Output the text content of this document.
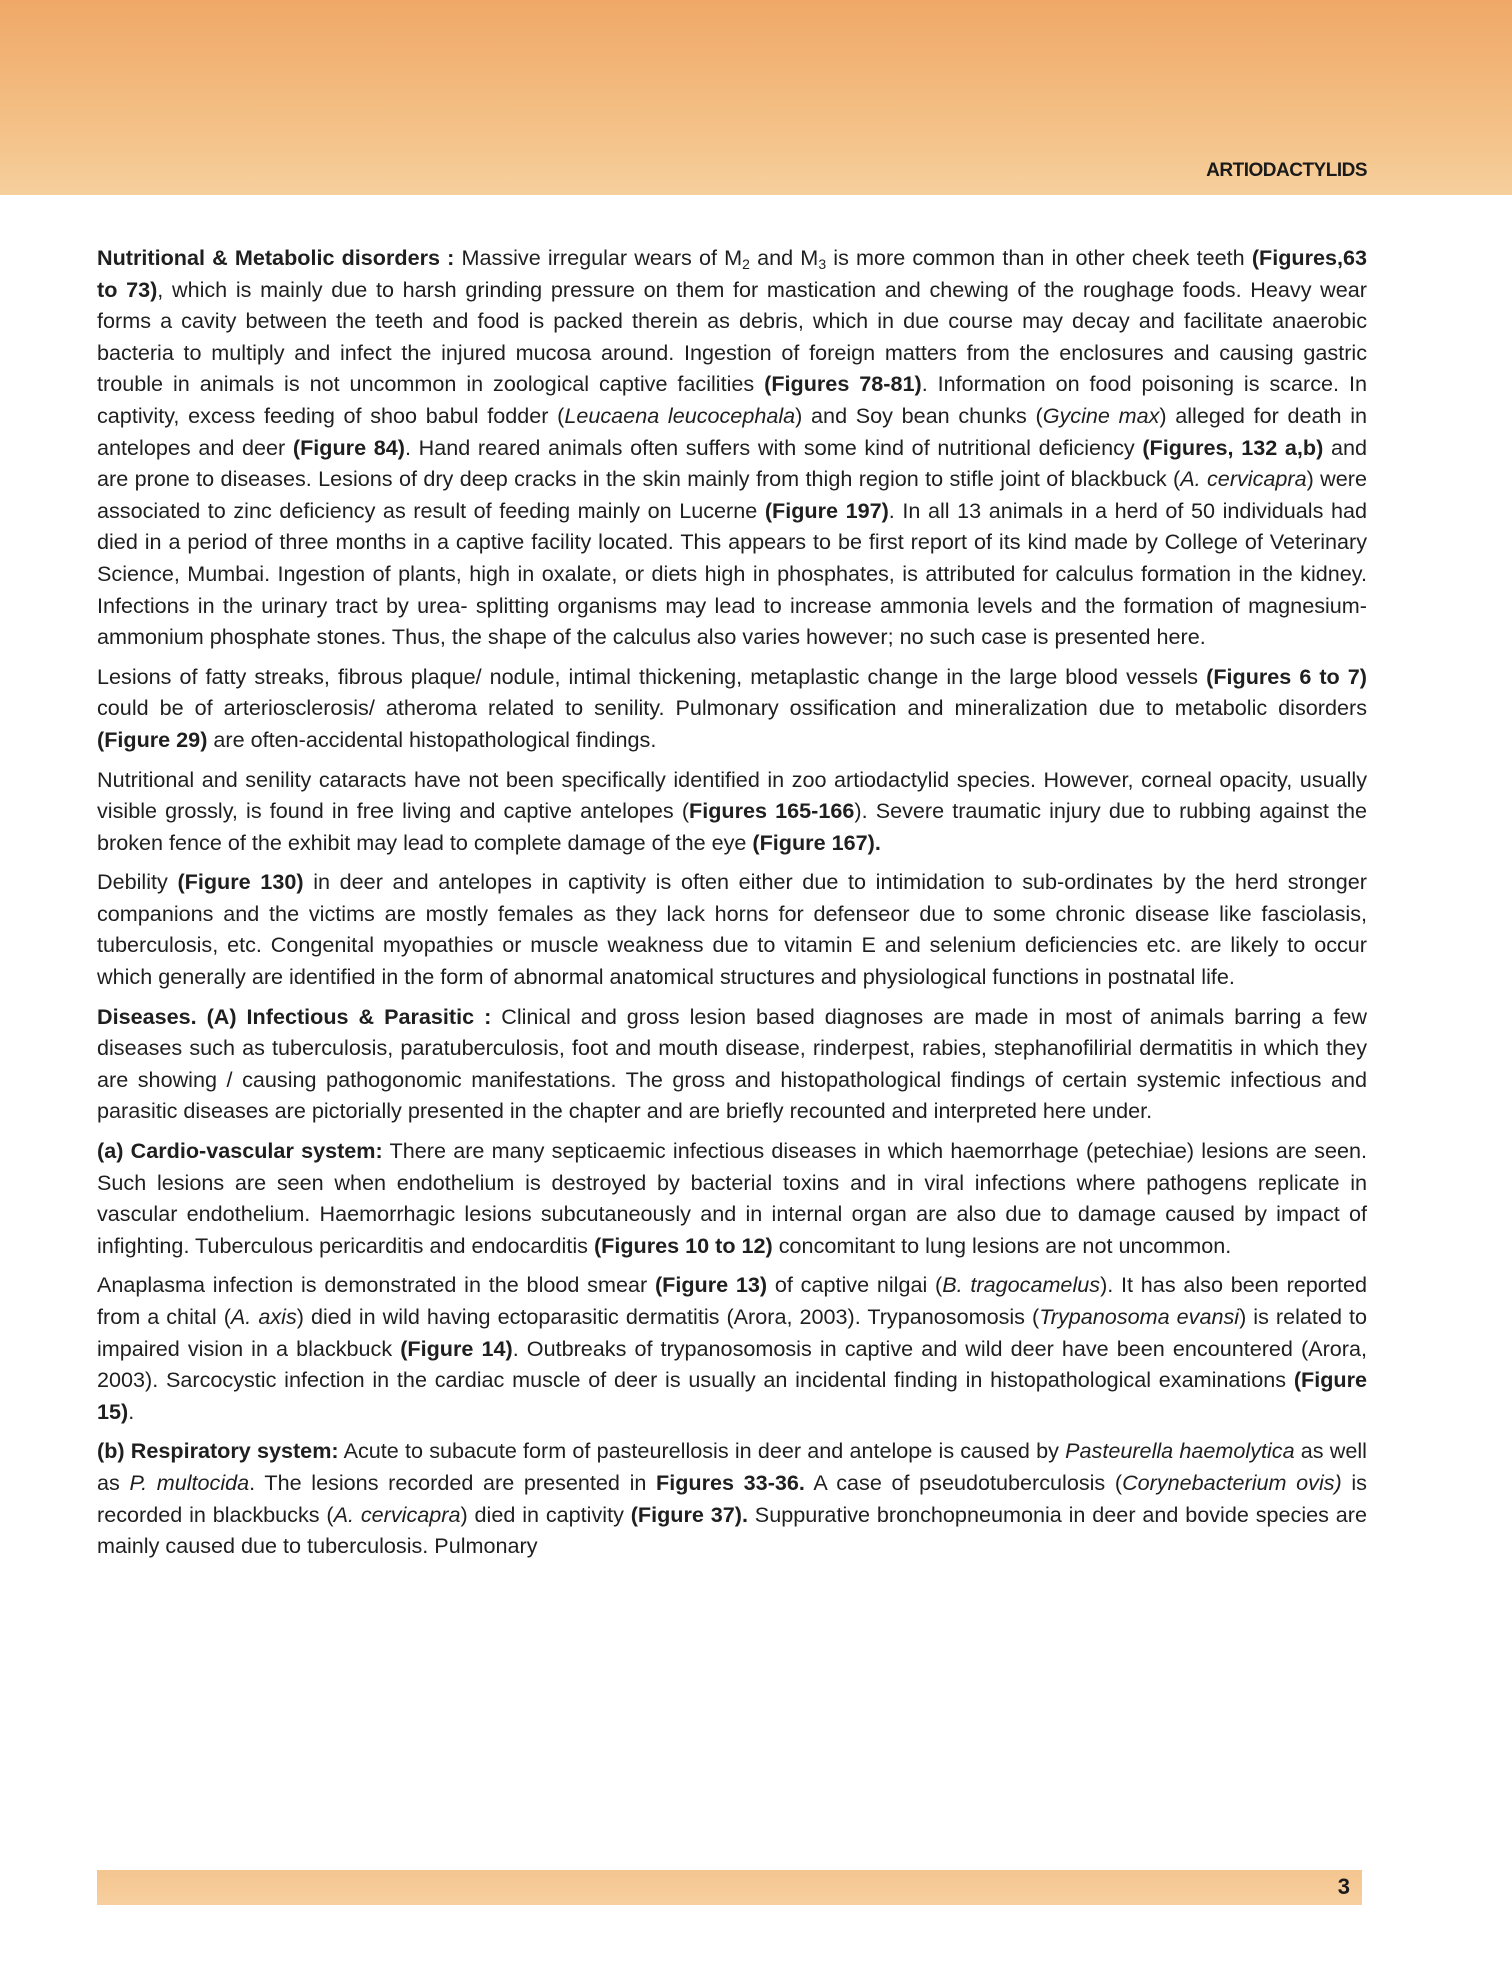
ARTIODACTYLIDS

Nutritional & Metabolic disorders : Massive irregular wears of $M_2$ and $M_3$ is more common than in other cheek teeth (Figures,63 to 73), which is mainly due to harsh grinding pressure on them for mastication and chewing of the roughage foods. Heavy wear forms a cavity between the teeth and food is packed therein as debris, which in due course may decay and facilitate anaerobic bacteria to multiply and infect the injured mucosa around. Ingestion of foreign matters from the enclosures and causing gastric trouble in animals is not uncommon in zoological captive facilities (Figures 78-81). Information on food poisoning is scarce. In captivity, excess feeding of shoo babul fodder (Leucaena leucocephala) and Soy bean chunks (Gycine max) alleged for death in antelopes and deer (Figure 84). Hand reared animals often suffers with some kind of nutritional deficiency (Figures, 132 a,b) and are prone to diseases. Lesions of dry deep cracks in the skin mainly from thigh region to stifle joint of blackbuck (A. cervicapra) were associated to zinc deficiency as result of feeding mainly on Lucerne (Figure 197). In all 13 animals in a herd of 50 individuals had died in a period of three months in a captive facility located. This appears to be first report of its kind made by College of Veterinary Science, Mumbai. Ingestion of plants, high in oxalate, or diets high in phosphates, is attributed for calculus formation in the kidney. Infections in the urinary tract by urea- splitting organisms may lead to increase ammonia levels and the formation of magnesium-ammonium phosphate stones. Thus, the shape of the calculus also varies however; no such case is presented here.

Lesions of fatty streaks, fibrous plaque/ nodule, intimal thickening, metaplastic change in the large blood vessels (Figures 6 to 7) could be of arteriosclerosis/ atheroma related to senility. Pulmonary ossification and mineralization due to metabolic disorders (Figure 29) are often-accidental histopathological findings.

Nutritional and senility cataracts have not been specifically identified in zoo artiodactylid species. However, corneal opacity, usually visible grossly, is found in free living and captive antelopes (Figures 165-166). Severe traumatic injury due to rubbing against the broken fence of the exhibit may lead to complete damage of the eye (Figure 167).

Debility (Figure 130) in deer and antelopes in captivity is often either due to intimidation to sub-ordinates by the herd stronger companions and the victims are mostly females as they lack horns for defenseor due to some chronic disease like fasciolasis, tuberculosis, etc. Congenital myopathies or muscle weakness due to vitamin E and selenium deficiencies etc. are likely to occur which generally are identified in the form of abnormal anatomical structures and physiological functions in postnatal life.

Diseases. (A) Infectious & Parasitic : Clinical and gross lesion based diagnoses are made in most of animals barring a few diseases such as tuberculosis, paratuberculosis, foot and mouth disease, rinderpest, rabies, stephanofilirial dermatitis in which they are showing / causing pathogonomic manifestations. The gross and histopathological findings of certain systemic infectious and parasitic diseases are pictorially presented in the chapter and are briefly recounted and interpreted here under.

(a) Cardio-vascular system: There are many septicaemic infectious diseases in which haemorrhage (petechiae) lesions are seen. Such lesions are seen when endothelium is destroyed by bacterial toxins and in viral infections where pathogens replicate in vascular endothelium. Haemorrhagic lesions subcutaneously and in internal organ are also due to damage caused by impact of infighting. Tuberculous pericarditis and endocarditis (Figures 10 to 12) concomitant to lung lesions are not uncommon.

Anaplasma infection is demonstrated in the blood smear (Figure 13) of captive nilgai (B. tragocamelus). It has also been reported from a chital (A. axis) died in wild having ectoparasitic dermatitis (Arora, 2003). Trypanosomosis (Trypanosoma evansi) is related to impaired vision in a blackbuck (Figure 14). Outbreaks of trypanosomosis in captive and wild deer have been encountered (Arora, 2003). Sarcocystic infection in the cardiac muscle of deer is usually an incidental finding in histopathological examinations (Figure 15).

(b) Respiratory system: Acute to subacute form of pasteurellosis in deer and antelope is caused by Pasteurella haemolytica as well as P. multocida. The lesions recorded are presented in Figures 33-36. A case of pseudotuberculosis (Corynebacterium ovis) is recorded in blackbucks (A. cervicapra) died in captivity (Figure 37). Suppurative bronchopneumonia in deer and bovide species are mainly caused due to tuberculosis. Pulmonary

3
